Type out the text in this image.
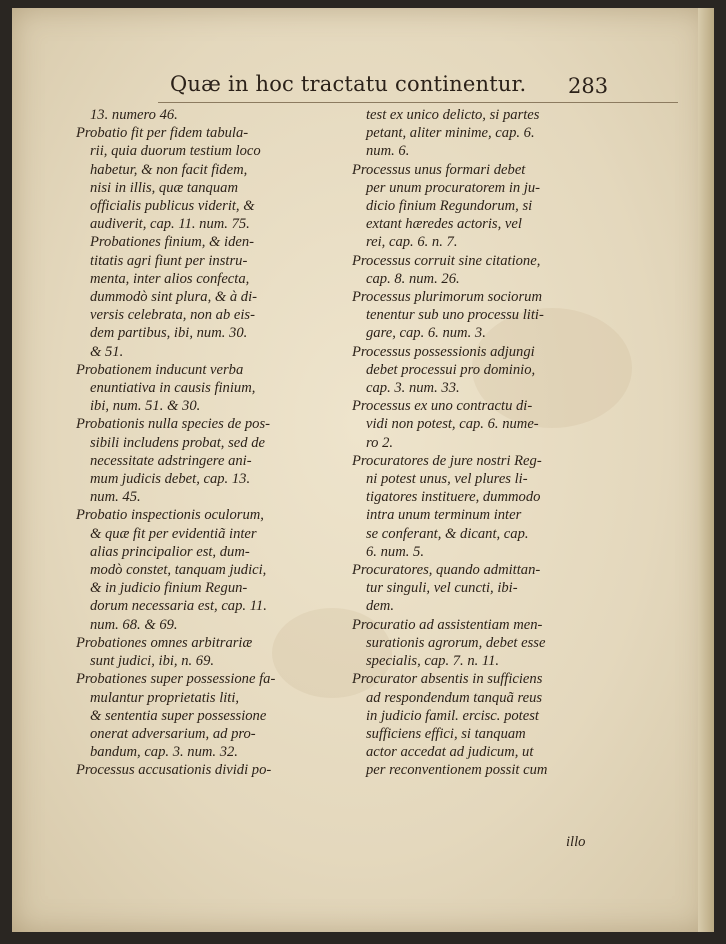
Quæ in hoc tractatu continentur. 283
13. numero 46.
Probatio fit per fidem tabula-
rii, quia duorum testium loco
habetur, & non facit fidem,
nisi in illis, quæ tanquam
officialis publicus viderit, &
audiverit, cap. 11. num. 75.
Probationes finium, & iden-
titatis agri fiunt per instru-
menta, inter alios confecta,
dummodò sint plura, & à di-
versis celebrata, non ab eis-
dem partibus, ibi, num. 30.
& 51.
Probationem inducunt verba
enuntiativa in causis finium,
ibi, num. 51. & 30.
Probationis nulla species de pos-
sibili includens probat, sed de
necessitate adstringere ani-
mum judicis debet, cap. 13.
num. 45.
Probatio inspectionis oculorum,
& quæ fit per evidentiã inter
alias principalior est, dum-
modò constet, tanquam judici,
& in judicio finium Regun-
dorum necessaria est, cap. 11.
num. 68. & 69.
Probationes omnes arbitrariæ
sunt judici, ibi, n. 69.
Probationes super possessione fa-
mulantur proprietatis liti,
& sententia super possessione
onerat adversarium, ad pro-
bandum, cap. 3. num. 32.
Processus accusationis dividi po-
test ex unico delicto, si partes
petant, aliter minime, cap. 6.
num. 6.
Processus unus formari debet
per unum procuratorem in ju-
dicio finium Regundorum, si
extant hæredes actoris, vel
rei, cap. 6. n. 7.
Processus corruit sine citatione,
cap. 8. num. 26.
Processus plurimorum sociorum
tenentur sub uno processu liti-
gare, cap. 6. num. 3.
Processus possessionis adjungi
debet processui pro dominio,
cap. 3. num. 33.
Processus ex uno contractu di-
vidi non potest, cap. 6. nume-
ro 2.
Procuratores de jure nostri Reg-
ni potest unus, vel plures li-
tigatores instituere, dummodo
intra unum terminum inter
se conferant, & dicant, cap.
6. num. 5.
Procuratores, quando admittan-
tur singuli, vel cuncti, ibi-
dem.
Procuratio ad assistentiam men-
surationis agrorum, debet esse
specialis, cap. 7. n. 11.
Procurator absentis in sufficiens
ad respondendum tanquã reus
in judicio famil. ercisc. potest
sufficiens effici, si tanquam
actor accedat ad judicum, ut
per reconventionem possit cum
illo
